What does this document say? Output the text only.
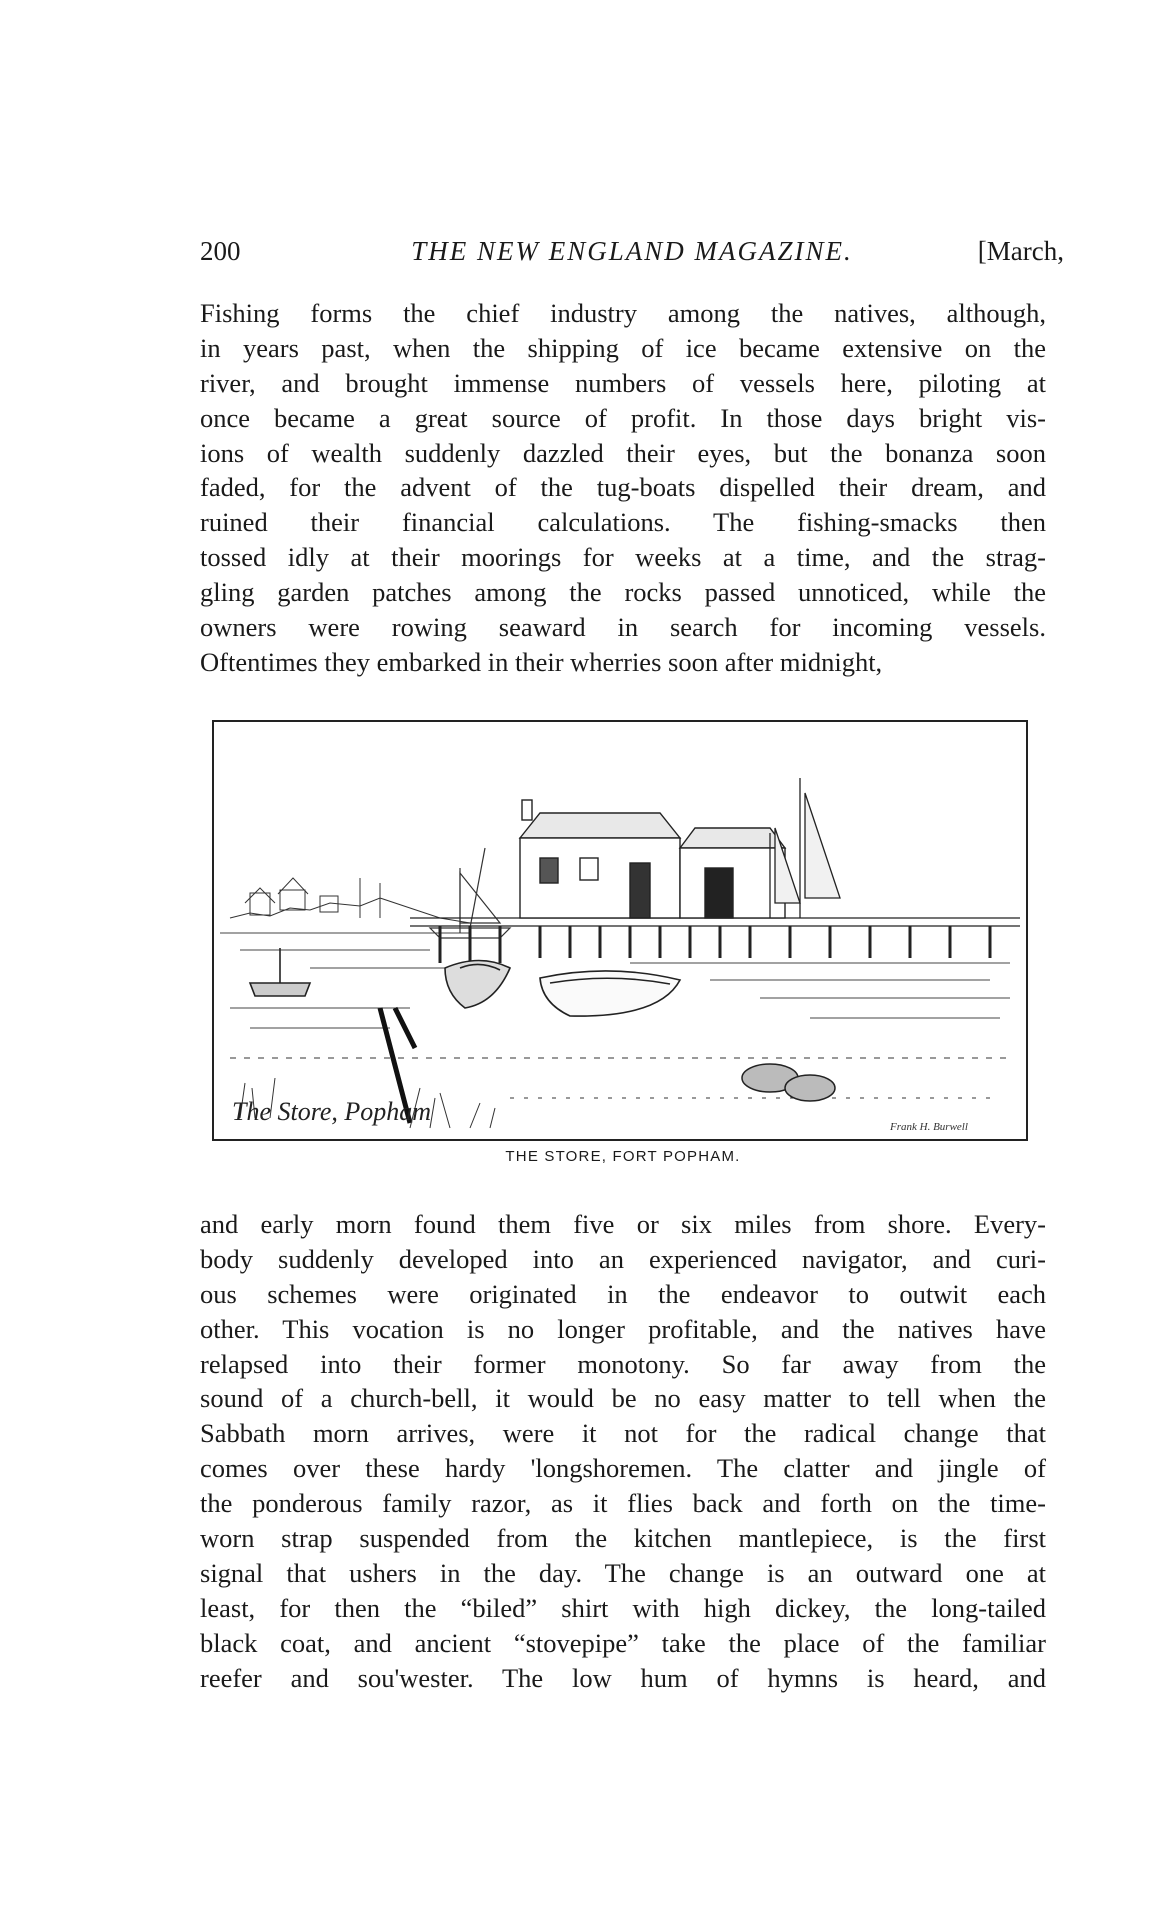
200	THE NEW ENGLAND MAGAZINE.	[March,
Fishing forms the chief industry among the natives, although,
in years past, when the shipping of ice became extensive on the
river, and brought immense numbers of vessels here, piloting at
once became a great source of profit. In those days bright vis-
ions of wealth suddenly dazzled their eyes, but the bonanza soon
faded, for the advent of the tug-boats dispelled their dream, and
ruined their financial calculations. The fishing-smacks then
tossed idly at their moorings for weeks at a time, and the strag-
gling garden patches among the rocks passed unnoticed, while the
owners were rowing seaward in search for incoming vessels.
Oftentimes they embarked in their wherries soon after midnight,
The Store, Popham
Frank H. Burwell
THE STORE, FORT POPHAM.
and early morn found them five or six miles from shore. Every-
body suddenly developed into an experienced navigator, and curi-
ous schemes were originated in the endeavor to outwit each
other. This vocation is no longer profitable, and the natives have
relapsed into their former monotony. So far away from the
sound of a church-bell, it would be no easy matter to tell when the
Sabbath morn arrives, were it not for the radical change that
comes over these hardy 'longshoremen. The clatter and jingle of
the ponderous family razor, as it flies back and forth on the time-
worn strap suspended from the kitchen mantlepiece, is the first
signal that ushers in the day. The change is an outward one at
least, for then the “biled” shirt with high dickey, the long-tailed
black coat, and ancient “stovepipe” take the place of the familiar
reefer and sou'wester. The low hum of hymns is heard, and
